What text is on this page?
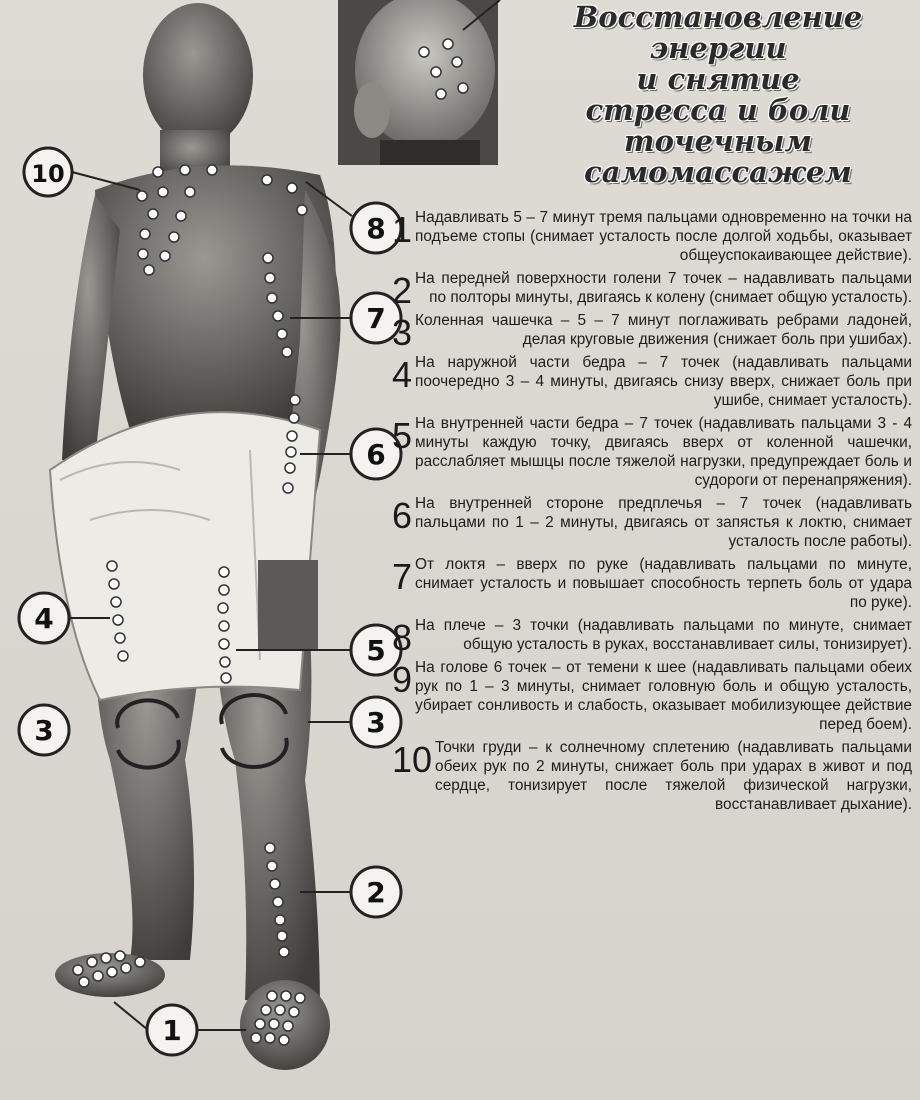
10
8
7
6
4
5
3	3
2
1
Восстановление
энергии
и снятие
стресса и боли
точечным
самомассажем
1 Надавливать 5 – 7 минут тремя пальцами одновременно на точки на подъеме стопы (снимает усталость после долгой ходьбы, оказывает общеуспокаивающее действие).
2 На передней поверхности голени 7 точек – надавливать пальцами по полторы минуты, двигаясь к колену (снимает общую усталость).
3 Коленная чашечка – 5 – 7 минут поглаживать ребрами ладоней, делая круговые движения (снижает боль при ушибах).
4 На наружной части бедра – 7 точек (надавливать пальцами поочередно 3 – 4 минуты, двигаясь снизу вверх, снижает боль при ушибе, снимает усталость).
5 На внутренней части бедра – 7 точек (надавливать пальцами 3 - 4 минуты каждую точку, двигаясь вверх от коленной чашечки, расслабляет мышцы после тяжелой нагрузки, предупреждает боль и судороги от перенапряжения).
6 На внутренней стороне предплечья – 7 точек (надавливать пальцами по 1 – 2 минуты, двигаясь от запястья к локтю, снимает усталость после работы).
7 От локтя – вверх по руке (надавливать пальцами по минуте, снимает усталость и повышает способность терпеть боль от удара по руке).
8 На плече – 3 точки (надавливать пальцами по минуте, снимает общую усталость в руках, восстанавливает силы, тонизирует).
9 На голове 6 точек – от темени к шее (надавливать пальцами обеих рук по 1 – 3 минуты, снимает головную боль и общую усталость, убирает сонливость и слабость, оказывает мобилизующее действие перед боем).
10 Точки груди – к солнечному сплетению (надавливать пальцами обеих рук по 2 минуты, снижает боль при ударах в живот и под сердце, тонизирует после тяжелой физической нагрузки, восстанавливает дыхание).
